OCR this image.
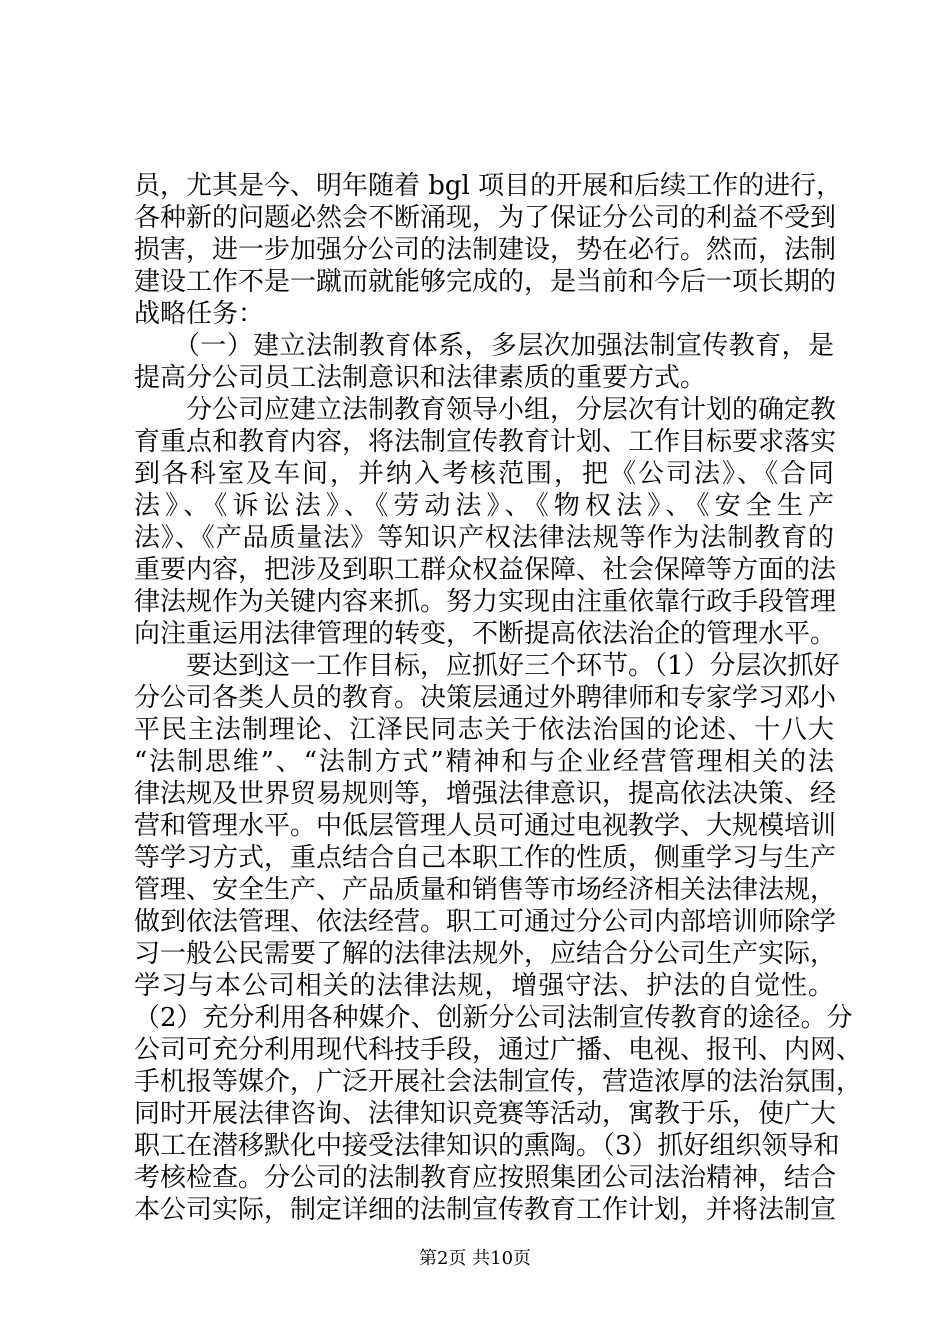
员，尤其是今、明年随着 bgl 项目的开展和后续工作的进行，
各种新的问题必然会不断涌现，为了保证分公司的利益不受到
损害，进一步加强分公司的法制建设，势在必行。然而，法制
建设工作不是一蹴而就能够完成的，是当前和今后一项长期的
战略任务：
　　（一）建立法制教育体系，多层次加强法制宣传教育，是
提高分公司员工法制意识和法律素质的重要方式。
　　分公司应建立法制教育领导小组，分层次有计划的确定教
育重点和教育内容，将法制宣传教育计划、工作目标要求落实
到各科室及车间，并纳入考核范围，把《公司法》、《合同
法》、《诉讼法》、《劳动法》、《物权法》、《安全生产
法》、《产品质量法》等知识产权法律法规等作为法制教育的
重要内容，把涉及到职工群众权益保障、社会保障等方面的法
律法规作为关键内容来抓。努力实现由注重依靠行政手段管理
向注重运用法律管理的转变，不断提高依法治企的管理水平。
　　要达到这一工作目标，应抓好三个环节。（1）分层次抓好
分公司各类人员的教育。决策层通过外聘律师和专家学习邓小
平民主法制理论、江泽民同志关于依法治国的论述、十八大
“法制思维”、“法制方式”精神和与企业经营管理相关的法
律法规及世界贸易规则等，增强法律意识，提高依法决策、经
营和管理水平。中低层管理人员可通过电视教学、大规模培训
等学习方式，重点结合自己本职工作的性质，侧重学习与生产
管理、安全生产、产品质量和销售等市场经济相关法律法规，
做到依法管理、依法经营。职工可通过分公司内部培训师除学
习一般公民需要了解的法律法规外，应结合分公司生产实际，
学习与本公司相关的法律法规，增强守法、护法的自觉性。
（2）充分利用各种媒介、创新分公司法制宣传教育的途径。分
公司可充分利用现代科技手段，通过广播、电视、报刊、内网、
手机报等媒介，广泛开展社会法制宣传，营造浓厚的法治氛围，
同时开展法律咨询、法律知识竞赛等活动，寓教于乐，使广大
职工在潜移默化中接受法律知识的熏陶。（3）抓好组织领导和
考核检查。分公司的法制教育应按照集团公司法治精神，结合
本公司实际，制定详细的法制宣传教育工作计划，并将法制宣
第2页 共10页
